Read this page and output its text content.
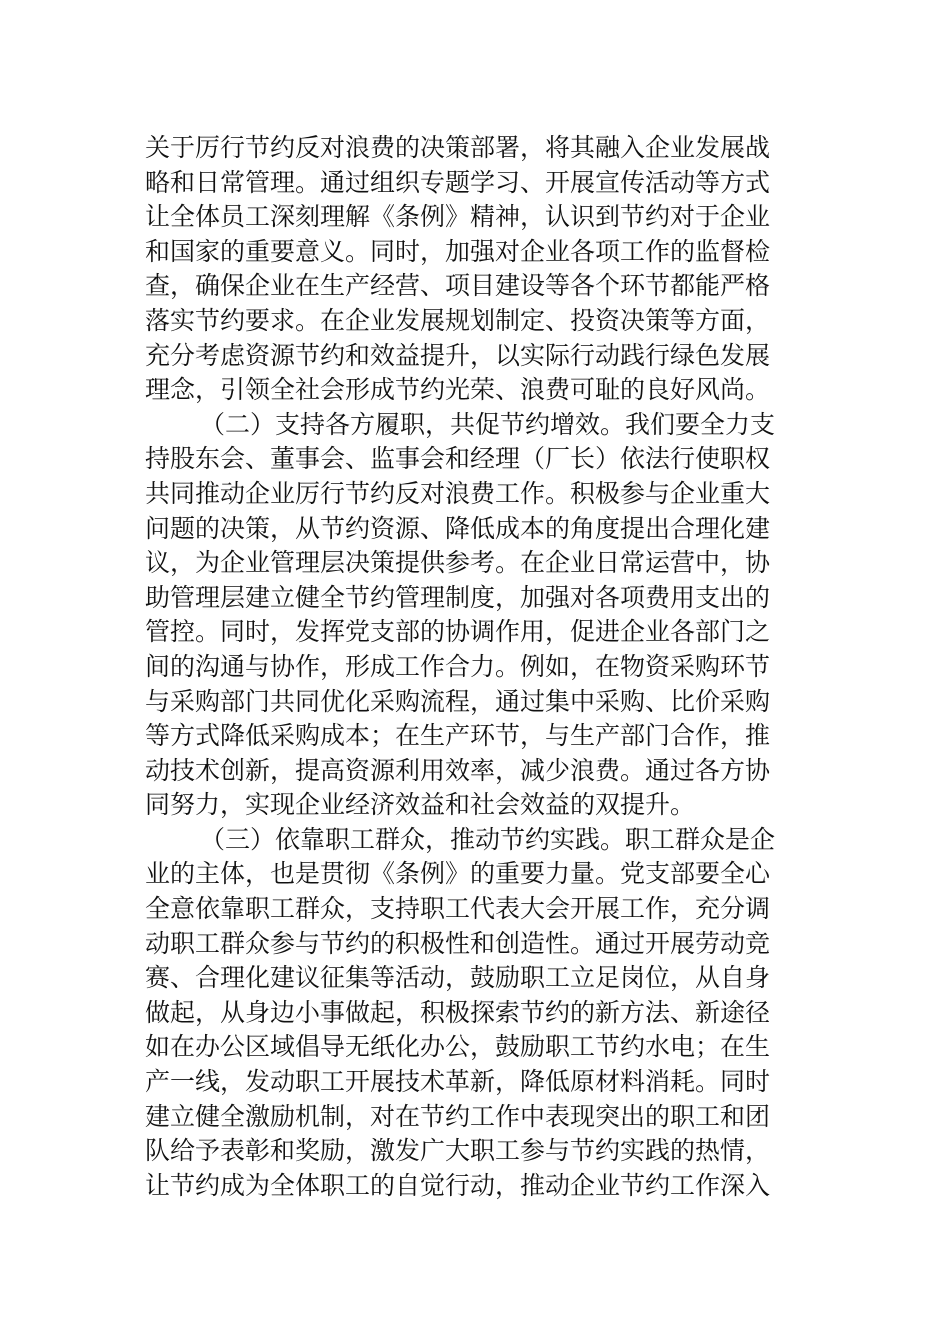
关于厉行节约反对浪费的决策部署，将其融入企业发展战
略和日常管理。通过组织专题学习、开展宣传活动等方式
让全体员工深刻理解《条例》精神，认识到节约对于企业
和国家的重要意义。同时，加强对企业各项工作的监督检
查，确保企业在生产经营、项目建设等各个环节都能严格
落实节约要求。在企业发展规划制定、投资决策等方面，
充分考虑资源节约和效益提升，以实际行动践行绿色发展
理念，引领全社会形成节约光荣、浪费可耻的良好风尚。
（二）支持各方履职，共促节约增效。我们要全力支
持股东会、董事会、监事会和经理（厂长）依法行使职权
共同推动企业厉行节约反对浪费工作。积极参与企业重大
问题的决策，从节约资源、降低成本的角度提出合理化建
议，为企业管理层决策提供参考。在企业日常运营中，协
助管理层建立健全节约管理制度，加强对各项费用支出的
管控。同时，发挥党支部的协调作用，促进企业各部门之
间的沟通与协作，形成工作合力。例如，在物资采购环节
与采购部门共同优化采购流程，通过集中采购、比价采购
等方式降低采购成本；在生产环节，与生产部门合作，推
动技术创新，提高资源利用效率，减少浪费。通过各方协
同努力，实现企业经济效益和社会效益的双提升。
（三）依靠职工群众，推动节约实践。职工群众是企
业的主体，也是贯彻《条例》的重要力量。党支部要全心
全意依靠职工群众，支持职工代表大会开展工作，充分调
动职工群众参与节约的积极性和创造性。通过开展劳动竞
赛、合理化建议征集等活动，鼓励职工立足岗位，从自身
做起，从身边小事做起，积极探索节约的新方法、新途径
如在办公区域倡导无纸化办公，鼓励职工节约水电；在生
产一线，发动职工开展技术革新，降低原材料消耗。同时
建立健全激励机制，对在节约工作中表现突出的职工和团
队给予表彰和奖励，激发广大职工参与节约实践的热情，
让节约成为全体职工的自觉行动，推动企业节约工作深入
